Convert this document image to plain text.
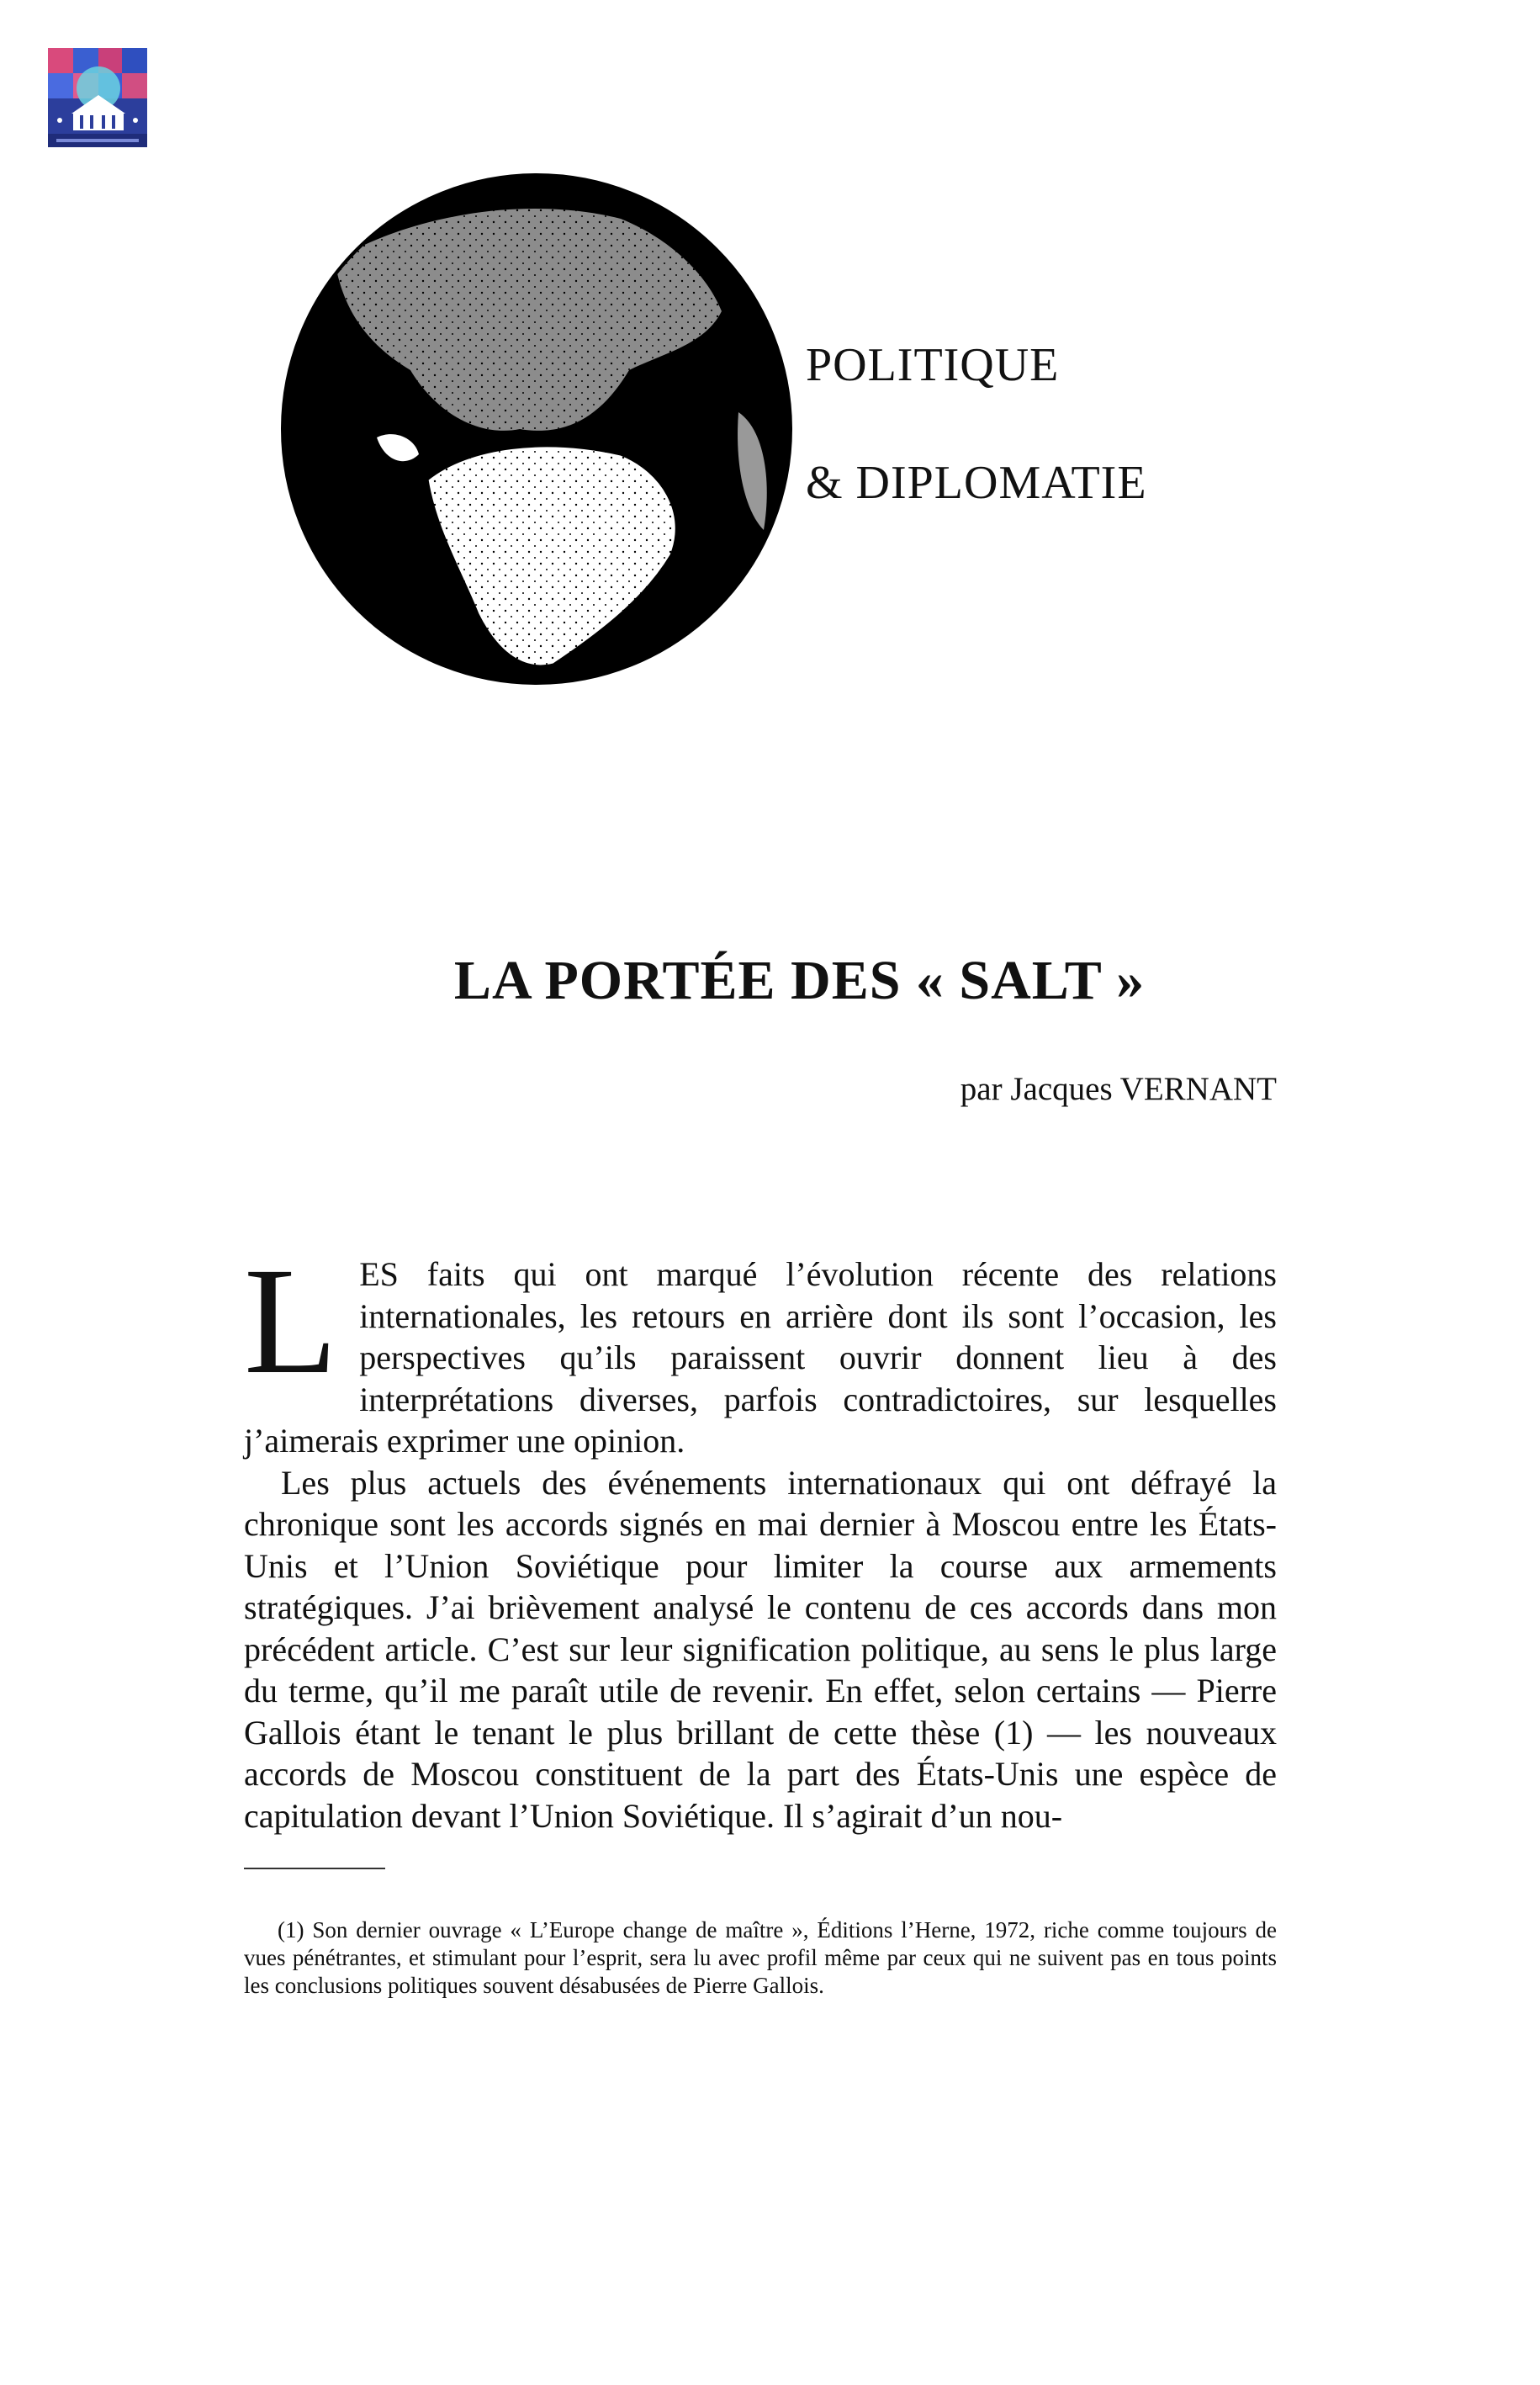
POLITIQUE
& DIPLOMATIE
LA PORTÉE DES « SALT »
par Jacques VERNANT

LES faits qui ont marqué l’évolution récente des relations internationales, les retours en arrière dont ils sont l’occasion, les perspectives qu’ils paraissent ouvrir donnent lieu à des interprétations diverses, parfois contradictoires, sur lesquelles j’aimerais exprimer une opinion.

Les plus actuels des événements internationaux qui ont défrayé la chronique sont les accords signés en mai dernier à Moscou entre les États-Unis et l’Union Soviétique pour limiter la course aux armements stratégiques. J’ai brièvement analysé le contenu de ces accords dans mon précédent article. C’est sur leur signification politique, au sens le plus large du terme, qu’il me paraît utile de revenir. En effet, selon certains — Pierre Gallois étant le tenant le plus brillant de cette thèse (1) — les nouveaux accords de Moscou constituent de la part des États-Unis une espèce de capitulation devant l’Union Soviétique. Il s’agirait d’un nou-

(1) Son dernier ouvrage « L’Europe change de maître », Éditions l’Herne, 1972, riche comme toujours de vues pénétrantes, et stimulant pour l’esprit, sera lu avec profil même par ceux qui ne suivent pas en tous points les conclusions politiques souvent désabusées de Pierre Gallois.
